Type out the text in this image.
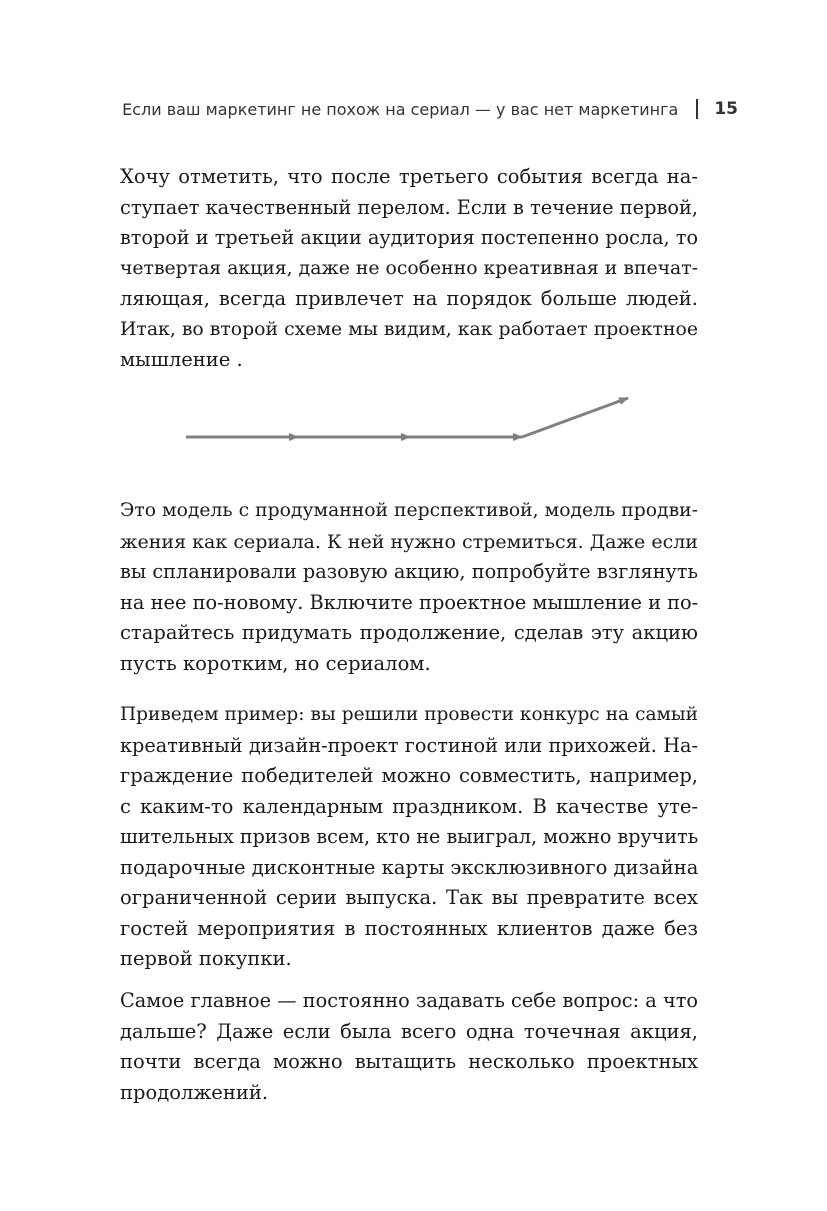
Если ваш маркетинг не похож на сериал — у вас нет маркетинга 15
Хочу отметить, что после третьего события всегда на-
ступает качественный перелом. Если в течение первой,
второй и третьей акции аудитория постепенно росла, то
четвертая акция, даже не особенно креативная и впечат-
ляющая, всегда привлечет на порядок больше людей.
Итак, во второй схеме мы видим, как работает проектное
мышление .
Это модель с продуманной перспективой, модель продви-
жения как сериала. К ней нужно стремиться. Даже если
вы спланировали разовую акцию, попробуйте взглянуть
на нее по-новому. Включите проектное мышление и по-
старайтесь придумать продолжение, сделав эту акцию
пусть коротким, но сериалом.
Приведем пример: вы решили провести конкурс на самый
креативный дизайн-проект гостиной или прихожей. На-
граждение победителей можно совместить, например,
с каким-то календарным праздником. В качестве уте-
шительных призов всем, кто не выиграл, можно вручить
подарочные дисконтные карты эксклюзивного дизайна
ограниченной серии выпуска. Так вы превратите всех
гостей мероприятия в постоянных клиентов даже без
первой покупки.
Самое главное — постоянно задавать себе вопрос: а что
дальше? Даже если была всего одна точечная акция,
почти всегда можно вытащить несколько проектных
продолжений.
